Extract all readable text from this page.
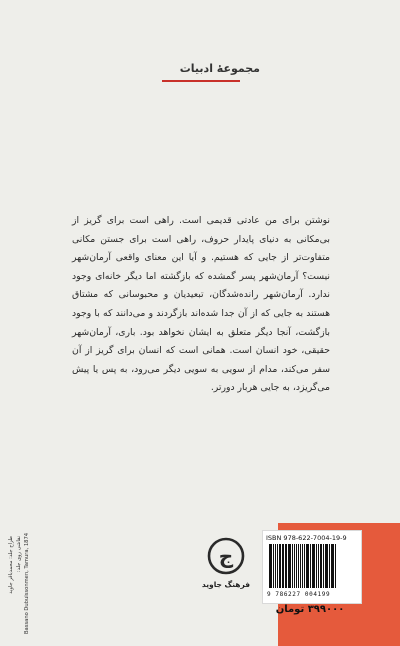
مجموعهٔ ادبیات

نوشتن برای من عادتی قدیمی است. راهی است برای گریز از بی‌مکانی به دنیای پایدار حروف، راهی است برای جستن مکانی متفاوت‌تر از جایی که هستیم. و آیا این معنای واقعی آرمان‌شهر نیست؟ آرمان‌شهر پسر گمشده که بازگشته اما دیگر خانه‌ای وجود ندارد. آرمان‌شهر رانده‌شدگان، تبعیدیان و محبوسانی که مشتاق هستند به جایی که از آن جدا شده‌اند بازگردند و می‌دانند که با وجود بازگشت، آنجا دیگر متعلق به ایشان نخواهد بود. باری، آرمان‌شهر حقیقی، خود انسان است. همانی است که انسان برای گریز از آن سفر می‌کند، مدام از سویی به سویی دیگر می‌رود، به پس یا پیش می‌گریزد، به جایی هربار دورتر.

ISBN 978-622-7004-19-9
9 786227 004199
ج
فرهنگ جاوید
۳۹۹۰۰۰ تومان
طراح جلد: محمدباقر جاوید نقاشی روی جلد: Bassano Dubuissonmen, Tamura, 1874
